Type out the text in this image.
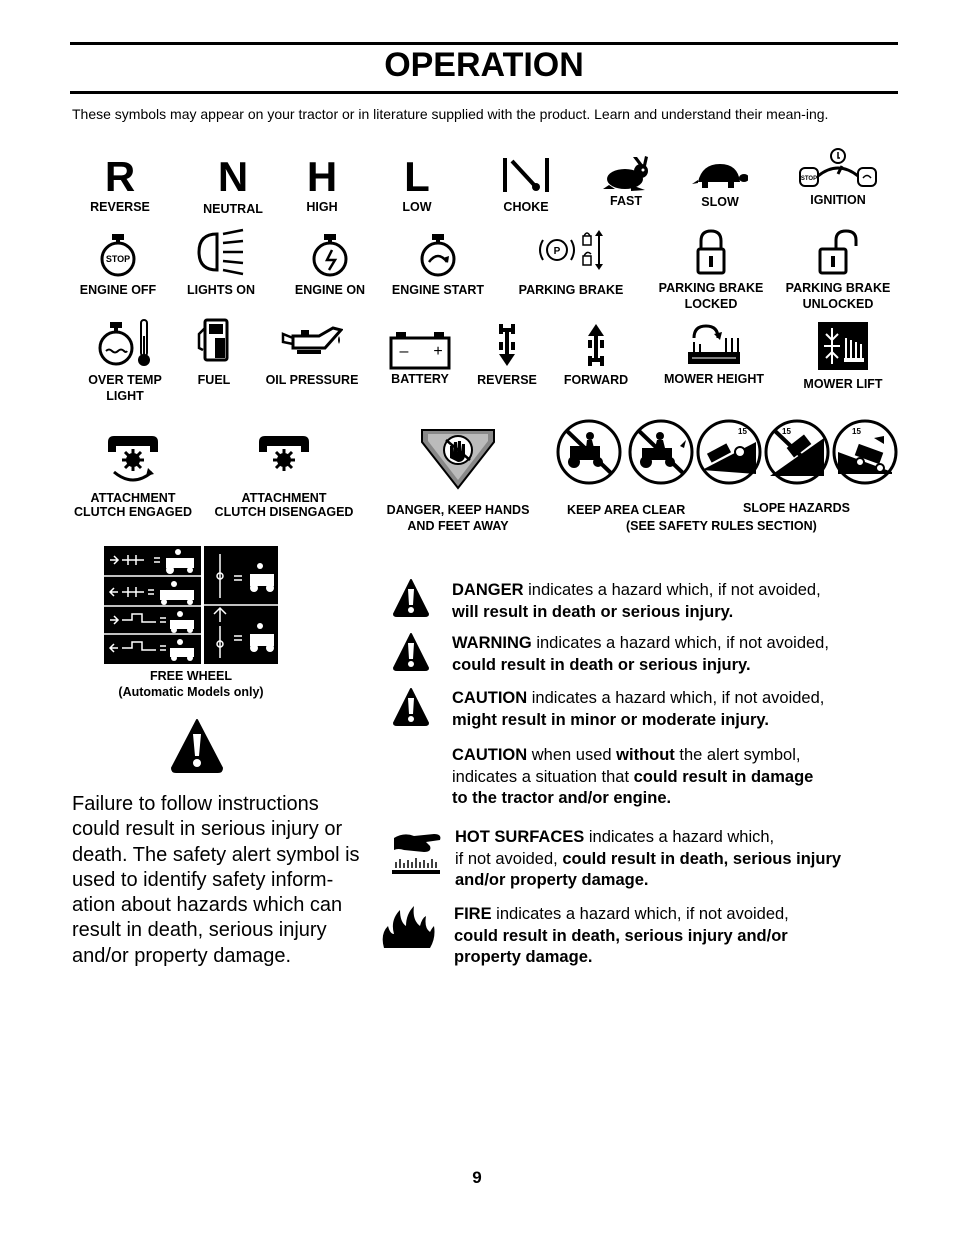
OPERATION
These symbols may appear on your tractor or in literature supplied with the product. Learn and understand their mean-ing.
R
REVERSE
N
NEUTRAL
H
HIGH
L
LOW	CHOKE	FAST	SLOW
STOP
IGNITION
STOP
ENGINE OFF LIGHTS ON	ENGINE ON ENGINE START
P
PARKING BRAKE	PARKING BRAKE
LOCKED
PARKING BRAKE
UNLOCKED
OVER TEMP
LIGHT
FUEL	OIL PRESSURE
– +
BATTERY REVERSE FORWARD	MOWER HEIGHT	MOWER LIFT
ATTACHMENT
CLUTCH ENGAGED
ATTACHMENT
CLUTCH DISENGAGED	DANGER, KEEP HANDS
AND FEET AWAY
15	15	15
KEEP AREA CLEAR	SLOPE HAZARDS
(SEE SAFETY RULES SECTION)
FREE WHEEL
(Automatic Models only)
Failure to follow instructions could result in serious injury or death. The safety alert symbol is used to identify safety inform-ation about hazards which can result in death, serious injury and/or property damage.
DANGER indicates a hazard which, if not avoided,
will result in death or serious injury.
WARNING indicates a hazard which, if not avoided,
could result in death or serious injury.
CAUTION indicates a hazard which, if not avoided,
might result in minor or moderate injury.
CAUTION when used without the alert symbol,
indicates a situation that could result in damage
to the tractor and/or engine.
HOT SURFACES indicates a hazard which,
if not avoided, could result in death, serious injury
and/or property damage.
FIRE indicates a hazard which, if not avoided,
could result in death, serious injury and/or
property damage.
9
